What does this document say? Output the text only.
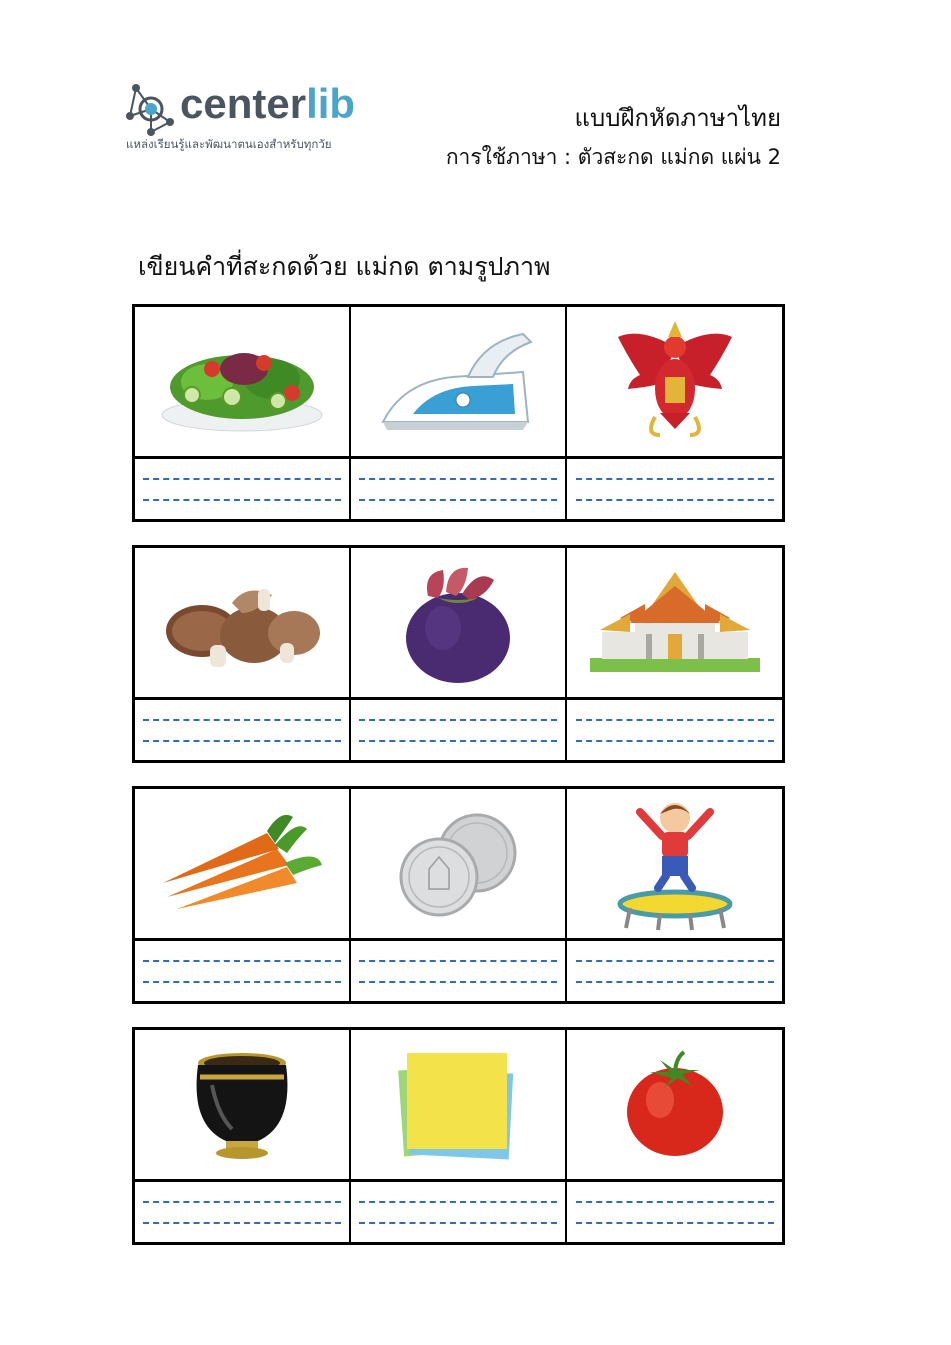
centerlib
แหล่งเรียนรู้และพัฒนาตนเองสำหรับทุกวัย
แบบฝึกหัดภาษาไทย
การใช้ภาษา : ตัวสะกด แม่กด แผ่น 2
เขียนคำที่สะกดด้วย แม่กด ตามรูปภาพ
